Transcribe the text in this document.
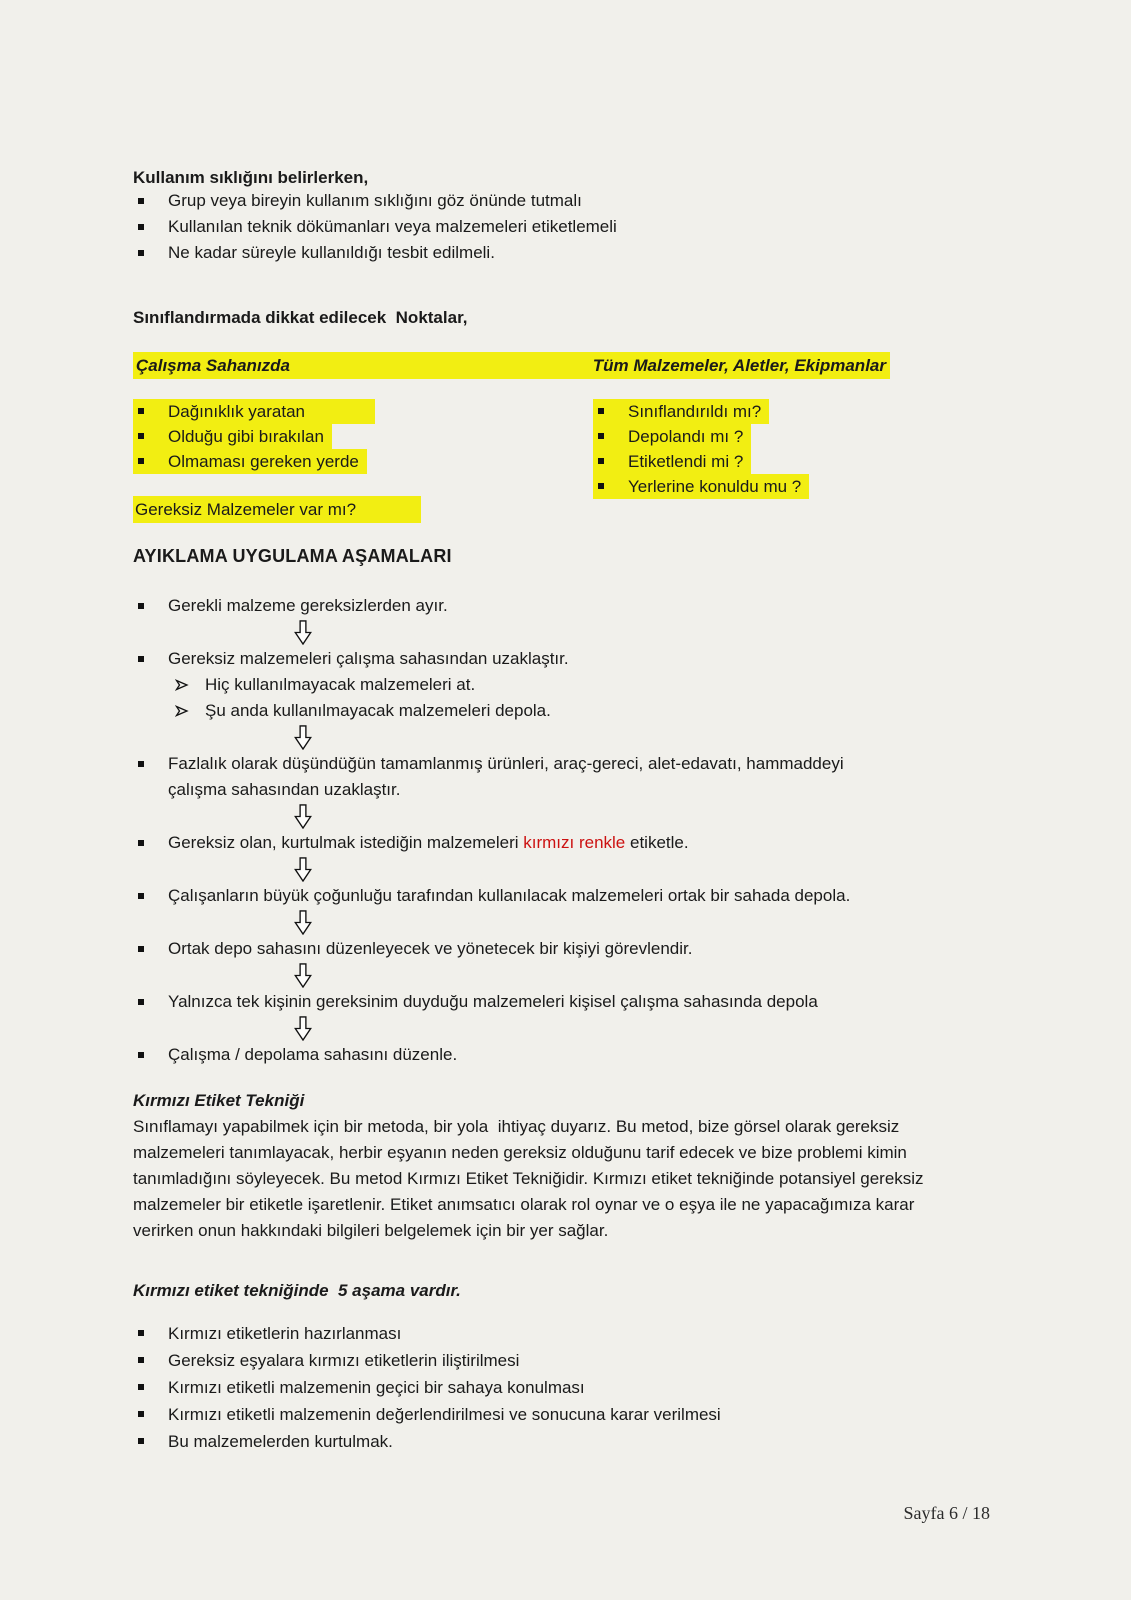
Kullanım sıklığını belirlerken,
Grup veya bireyin kullanım sıklığını göz önünde tutmalı
Kullanılan teknik dökümanları veya malzemeleri etiketlemeli
Ne kadar süreyle kullanıldığı tesbit edilmeli.
Sınıflandırmada dikkat edilecek  Noktalar,
Çalışma Sahanızda	Tüm Malzemeler, Aletler, Ekipmanlar
Dağınıklık yaratan
Olduğu gibi bırakılan
Olmaması gereken yerde
Gereksiz Malzemeler var mı?
Sınıflandırıldı mı?
Depolandı mı ?
Etiketlendi mi ?
Yerlerine konuldu mu ?
AYIKLAMA UYGULAMA AŞAMALARI
Gerekli malzeme gereksizlerden ayır.
Gereksiz malzemeleri çalışma sahasından uzaklaştır.
Hiç kullanılmayacak malzemeleri at.
Şu anda kullanılmayacak malzemeleri depola.
Fazlalık olarak düşündüğün tamamlanmış ürünleri, araç-gereci, alet-edavatı, hammaddeyi çalışma sahasından uzaklaştır.
Gereksiz olan, kurtulmak istediğin malzemeleri kırmızı renkle etiketle.
Çalışanların büyük çoğunluğu tarafından kullanılacak malzemeleri ortak bir sahada depola.
Ortak depo sahasını düzenleyecek ve yönetecek bir kişiyi görevlendir.
Yalnızca tek kişinin gereksinim duyduğu malzemeleri kişisel çalışma sahasında depola
Çalışma / depolama sahasını düzenle.
Kırmızı Etiket Tekniği

Sınıflamayı yapabilmek için bir metoda, bir yola  ihtiyaç duyarız. Bu metod, bize görsel olarak gereksiz malzemeleri tanımlayacak, herbir eşyanın neden gereksiz olduğunu tarif edecek ve bize problemi kimin tanımladığını söyleyecek. Bu metod Kırmızı Etiket Tekniğidir. Kırmızı etiket tekniğinde potansiyel gereksiz malzemeler bir etiketle işaretlenir. Etiket anımsatıcı olarak rol oynar ve o eşya ile ne yapacağımıza karar verirken onun hakkındaki bilgileri belgelemek için bir yer sağlar.

Kırmızı etiket tekniğinde  5 aşama vardır.
Kırmızı etiketlerin hazırlanması
Gereksiz eşyalara kırmızı etiketlerin iliştirilmesi
Kırmızı etiketli malzemenin geçici bir sahaya konulması
Kırmızı etiketli malzemenin değerlendirilmesi ve sonucuna karar verilmesi
Bu malzemelerden kurtulmak.
Sayfa 6 / 18
